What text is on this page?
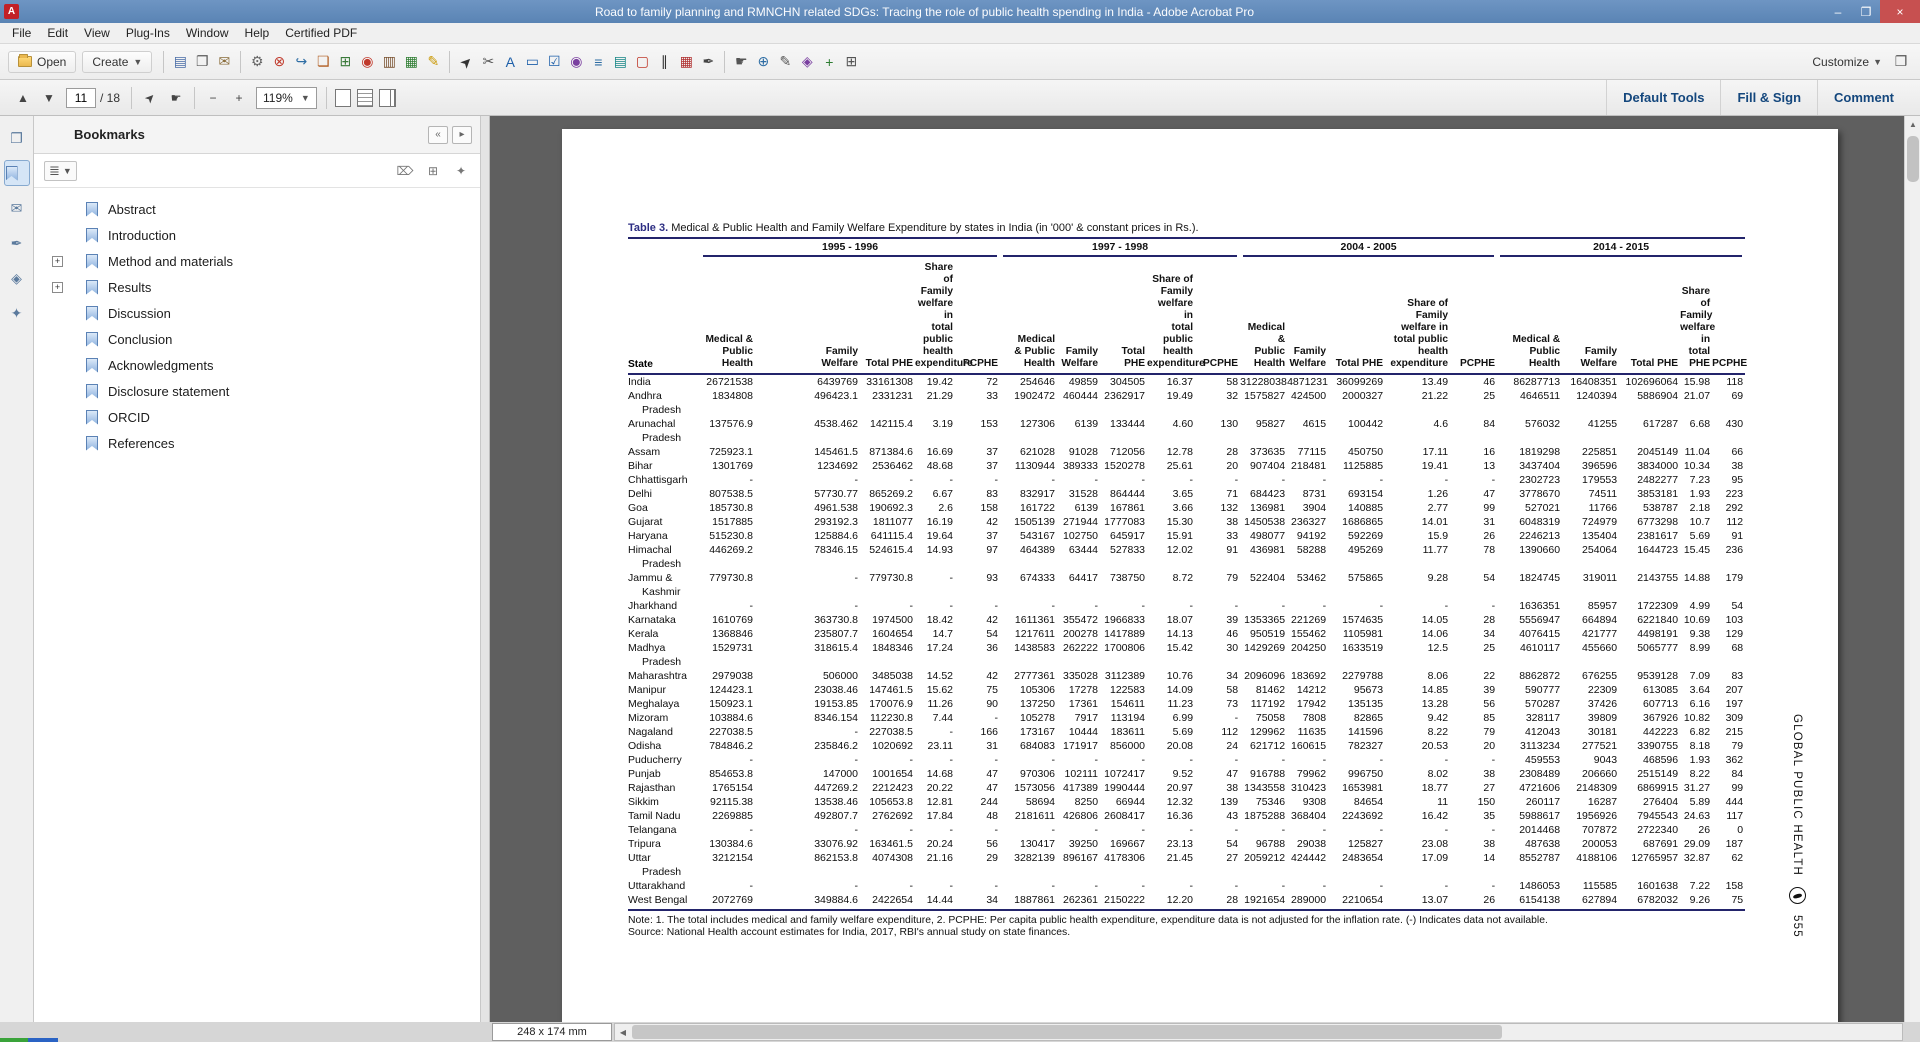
A	Road to family planning and RMNCHN related SDGs: Tracing the role of public health spending in India - Adobe Acrobat Pro	–	❐	×
File	Edit	View	Plug-Ins	Window	Help	Certified PDF
Open Create ▼ ▤ ❐ ✉ ⚙ ⊗ ↪ ❏ ⊞ ◉ ▥ ▦ ✎	➤ ✂ A ▭ ☑ ◉ ≡ ▤ ▢ ∥ ▦ ✒ ☛ ⊕ ✎ ◈ + ⊞	Customize ▼ ❐
▲	▼
11	/ 18	➤	☛	−	+	119% ▼	Default Tools	Fill & Sign	Comment
❐
✉
✒
◈
✦
Bookmarks	«	▸
≣ ▼	⌦	⊞	✦
Abstract
Introduction
+	Method and materials
+	Results
Discussion
Conclusion
Acknowledgments
Disclosure statement
ORCID
References
Table 3. Medical & Public Health and Family Welfare Expenditure by states in India (in '000' & constant prices in Rs.).

	1995 - 1996					1997 - 1998					2004 - 2005					2014 - 2015				

State	Medical &
Public
Health	Family
Welfare	Total PHE	Share of
Family
welfare in
total public
health
expenditure	PCPHE	Medical
& Public
Health	Family
Welfare	Total
PHE	Share of
Family
welfare in
total public
health
expenditure	PCPHE	Medical &
Public
Health	Family
Welfare	Total PHE	Share of
Family
welfare in
total public
health
expenditure	PCPHE	Medical &
Public
Health	Family
Welfare	Total PHE	Share of
Family
welfare
in total
PHE	PCPHE
India	26721538	6439769	33161308	19.42	72	254646	49859	304505	16.37	58	31228038	4871231	36099269	13.49	46	86287713	16408351	102696064	15.98	118
Andhra
Pradesh	1834808	496423.1	2331231	21.29	33	1902472	460444	2362917	19.49	32	1575827	424500	2000327	21.22	25	4646511	1240394	5886904	21.07	69
Arunachal
Pradesh	137576.9	4538.462	142115.4	3.19	153	127306	6139	133444	4.60	130	95827	4615	100442	4.6	84	576032	41255	617287	6.68	430
Assam	725923.1	145461.5	871384.6	16.69	37	621028	91028	712056	12.78	28	373635	77115	450750	17.11	16	1819298	225851	2045149	11.04	66
Bihar	1301769	1234692	2536462	48.68	37	1130944	389333	1520278	25.61	20	907404	218481	1125885	19.41	13	3437404	396596	3834000	10.34	38
Chhattisgarh	-	-	-	-	-	-	-	-	-	-	-	-	-	-	-	2302723	179553	2482277	7.23	95
Delhi	807538.5	57730.77	865269.2	6.67	83	832917	31528	864444	3.65	71	684423	8731	693154	1.26	47	3778670	74511	3853181	1.93	223
Goa	185730.8	4961.538	190692.3	2.6	158	161722	6139	167861	3.66	132	136981	3904	140885	2.77	99	527021	11766	538787	2.18	292
Gujarat	1517885	293192.3	1811077	16.19	42	1505139	271944	1777083	15.30	38	1450538	236327	1686865	14.01	31	6048319	724979	6773298	10.7	112
Haryana	515230.8	125884.6	641115.4	19.64	37	543167	102750	645917	15.91	33	498077	94192	592269	15.9	26	2246213	135404	2381617	5.69	91
Himachal
Pradesh	446269.2	78346.15	524615.4	14.93	97	464389	63444	527833	12.02	91	436981	58288	495269	11.77	78	1390660	254064	1644723	15.45	236
Jammu &
Kashmir	779730.8	-	779730.8	-	93	674333	64417	738750	8.72	79	522404	53462	575865	9.28	54	1824745	319011	2143755	14.88	179
Jharkhand	-	-	-	-	-	-	-	-	-	-	-	-	-	-	-	1636351	85957	1722309	4.99	54
Karnataka	1610769	363730.8	1974500	18.42	42	1611361	355472	1966833	18.07	39	1353365	221269	1574635	14.05	28	5556947	664894	6221840	10.69	103
Kerala	1368846	235807.7	1604654	14.7	54	1217611	200278	1417889	14.13	46	950519	155462	1105981	14.06	34	4076415	421777	4498191	9.38	129
Madhya
Pradesh	1529731	318615.4	1848346	17.24	36	1438583	262222	1700806	15.42	30	1429269	204250	1633519	12.5	25	4610117	455660	5065777	8.99	68
Maharashtra	2979038	506000	3485038	14.52	42	2777361	335028	3112389	10.76	34	2096096	183692	2279788	8.06	22	8862872	676255	9539128	7.09	83
Manipur	124423.1	23038.46	147461.5	15.62	75	105306	17278	122583	14.09	58	81462	14212	95673	14.85	39	590777	22309	613085	3.64	207
Meghalaya	150923.1	19153.85	170076.9	11.26	90	137250	17361	154611	11.23	73	117192	17942	135135	13.28	56	570287	37426	607713	6.16	197
Mizoram	103884.6	8346.154	112230.8	7.44	-	105278	7917	113194	6.99	-	75058	7808	82865	9.42	85	328117	39809	367926	10.82	309
Nagaland	227038.5	-	227038.5	-	166	173167	10444	183611	5.69	112	129962	11635	141596	8.22	79	412043	30181	442223	6.82	215
Odisha	784846.2	235846.2	1020692	23.11	31	684083	171917	856000	20.08	24	621712	160615	782327	20.53	20	3113234	277521	3390755	8.18	79
Puducherry	-	-	-	-	-	-	-	-	-	-	-	-	-	-	-	459553	9043	468596	1.93	362
Punjab	854653.8	147000	1001654	14.68	47	970306	102111	1072417	9.52	47	916788	79962	996750	8.02	38	2308489	206660	2515149	8.22	84
Rajasthan	1765154	447269.2	2212423	20.22	47	1573056	417389	1990444	20.97	38	1343558	310423	1653981	18.77	27	4721606	2148309	6869915	31.27	99
Sikkim	92115.38	13538.46	105653.8	12.81	244	58694	8250	66944	12.32	139	75346	9308	84654	11	150	260117	16287	276404	5.89	444
Tamil Nadu	2269885	492807.7	2762692	17.84	48	2181611	426806	2608417	16.36	43	1875288	368404	2243692	16.42	35	5988617	1956926	7945543	24.63	117
Telangana	-	-	-	-	-	-	-	-	-	-	-	-	-	-	-	2014468	707872	2722340	26	0
Tripura	130384.6	33076.92	163461.5	20.24	56	130417	39250	169667	23.13	54	96788	29038	125827	23.08	38	487638	200053	687691	29.09	187
Uttar
Pradesh	3212154	862153.8	4074308	21.16	29	3282139	896167	4178306	21.45	27	2059212	424442	2483654	17.09	14	8552787	4188106	12765957	32.87	62
Uttarakhand	-	-	-	-	-	-	-	-	-	-	-	-	-	-	-	1486053	115585	1601638	7.22	158
West Bengal	2072769	349884.6	2422654	14.44	34	1887861	262361	2150222	12.20	28	1921654	289000	2210654	13.07	26	6154138	627894	6782032	9.26	75
Note: 1. The total includes medical and family welfare expenditure, 2. PCPHE: Per capita public health expenditure, expenditure data is not adjusted for the inflation rate. (-) Indicates data not available.
Source: National Health account estimates for India, 2017, RBI's annual study on state finances.
GLOBAL PUBLIC HEALTH
555
▲
248 x 174 mm	◀
